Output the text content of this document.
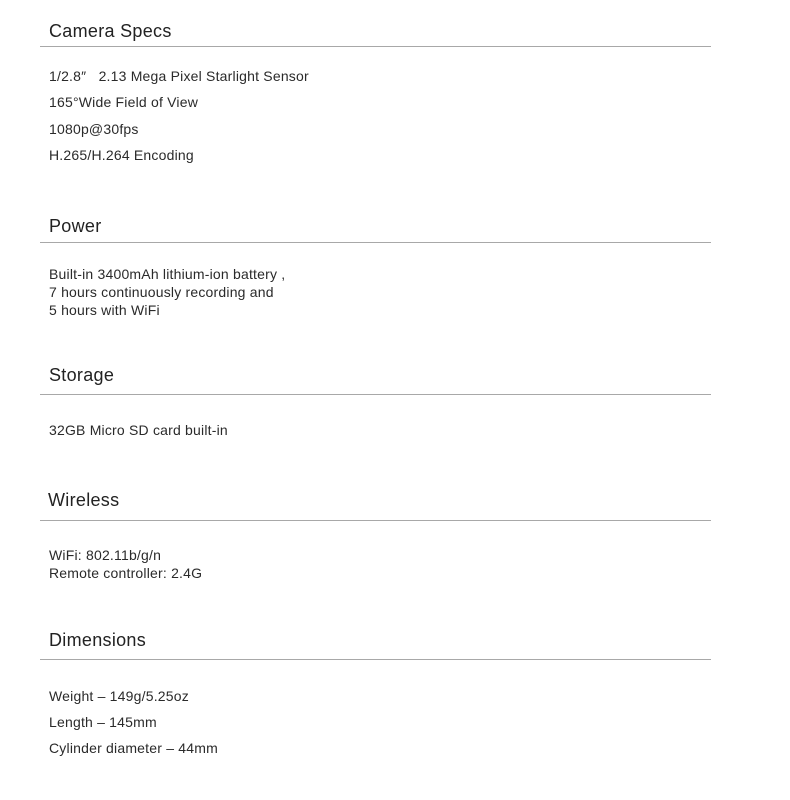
Camera Specs
1/2.8″   2.13 Mega Pixel Starlight Sensor
165°Wide Field of View
1080p@30fps
H.265/H.264 Encoding
Power
Built-in 3400mAh lithium-ion battery ,
7 hours continuously recording and
5 hours with WiFi
Storage
32GB Micro SD card built-in
Wireless
WiFi: 802.11b/g/n
Remote controller: 2.4G
Dimensions
Weight – 149g/5.25oz
Length – 145mm
Cylinder diameter – 44mm
